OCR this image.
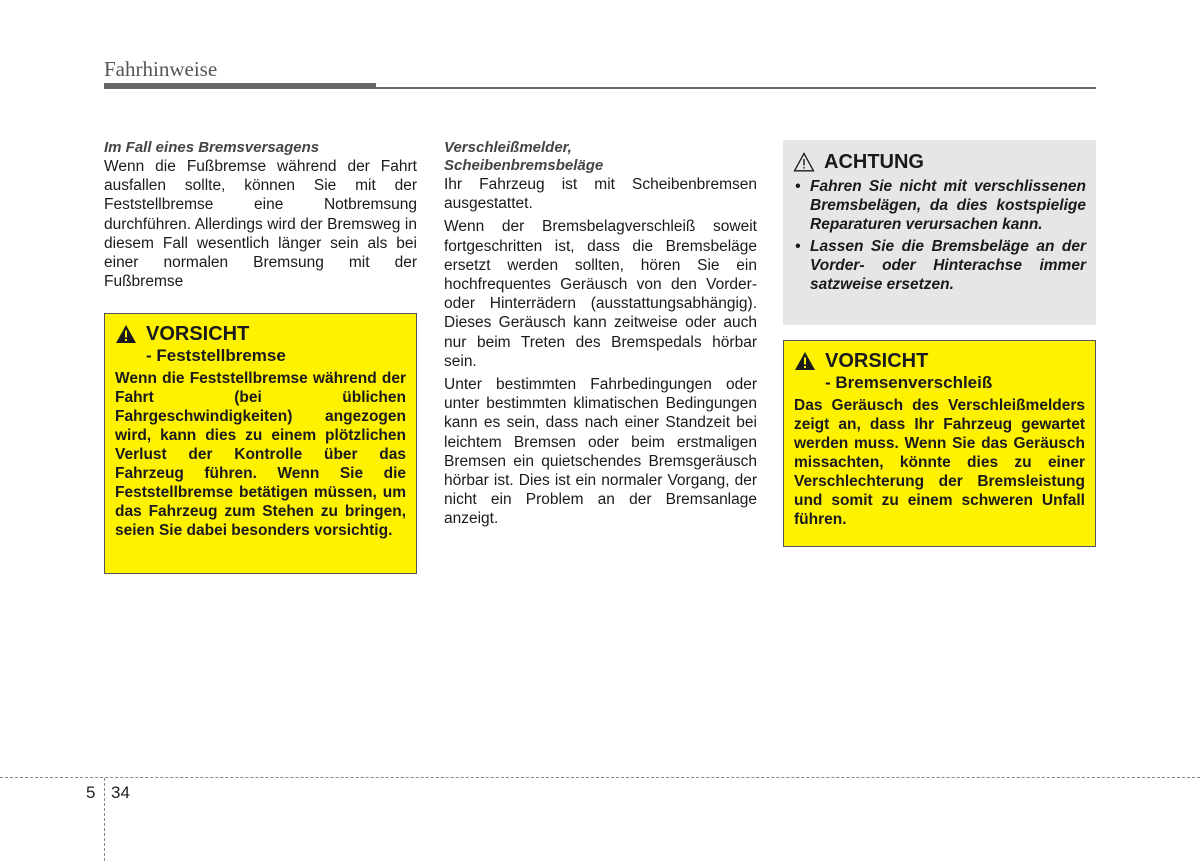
Fahrhinweise
Im Fall eines Bremsversagens

Wenn die Fußbremse während der Fahrt ausfallen sollte, können Sie mit der Feststellbremse eine Notbremsung durchführen. Allerdings wird der Bremsweg in diesem Fall wesentlich länger sein als bei einer normalen Bremsung mit der Fußbremse

VORSICHT
- Feststellbremse
Wenn die Feststellbremse während der Fahrt (bei üblichen Fahrgeschwindigkeiten) angezogen wird, kann dies zu einem plötzlichen Verlust der Kontrolle über das Fahrzeug führen. Wenn Sie die Feststellbremse betätigen müssen, um das Fahrzeug zum Stehen zu bringen, seien Sie dabei besonders vorsichtig.
Verschleißmelder,
Scheibenbremsbeläge

Ihr Fahrzeug ist mit Scheibenbremsen ausgestattet.

Wenn der Bremsbelagverschleiß soweit fortgeschritten ist, dass die Bremsbeläge ersetzt werden sollten, hören Sie ein hochfrequentes Geräusch von den Vorder- oder Hinterrädern (ausstattungsabhängig). Dieses Geräusch kann zeitweise oder auch nur beim Treten des Bremspedals hörbar sein.

Unter bestimmten Fahrbedingungen oder unter bestimmten klimatischen Bedingungen kann es sein, dass nach einer Standzeit bei leichtem Bremsen oder beim erstmaligen Bremsen ein quietschendes Bremsgeräusch hörbar ist. Dies ist ein normaler Vorgang, der nicht ein Problem an der Bremsanlage anzeigt.

ACHTUNG
• Fahren Sie nicht mit verschlissenen Bremsbelägen, da dies kostspielige Reparaturen verursachen kann.
• Lassen Sie die Bremsbeläge an der Vorder- oder Hinterachse immer satzweise ersetzen.
VORSICHT
- Bremsenverschleiß
Das Geräusch des Verschleißmelders zeigt an, dass Ihr Fahrzeug gewartet werden muss. Wenn Sie das Geräusch missachten, könnte dies zu einer Verschlechterung der Bremsleistung und somit zu einem schweren Unfall führen.
5 34
